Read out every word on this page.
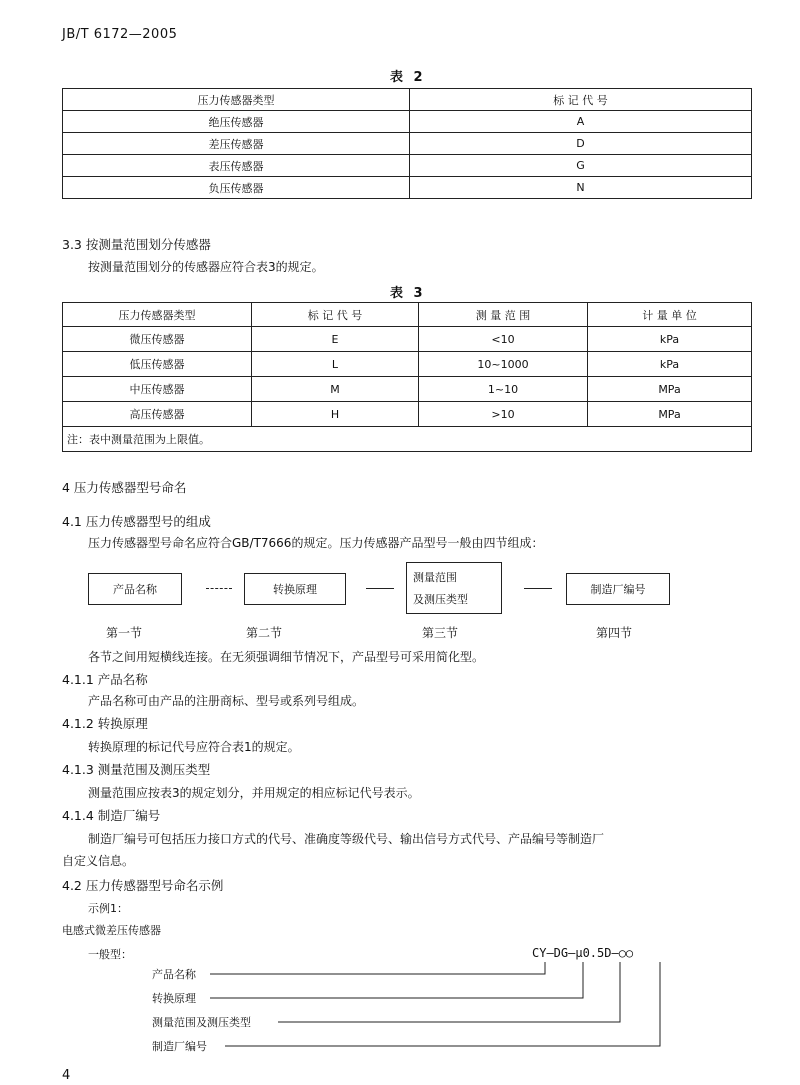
JB/T 6172—2005
表 2
压力传感器类型	标 记 代 号
绝压传感器	A
差压传感器	D
表压传感器	G
负压传感器	N
3.3 按测量范围划分传感器
按测量范围划分的传感器应符合表3的规定。
表 3
压力传感器类型	标 记 代 号	测 量 范 围	计 量 单 位
微压传感器	E	<10	kPa
低压传感器	L	10~1000	kPa
中压传感器	M	1~10	MPa
高压传感器	H	>10	MPa
注：表中测量范围为上限值。			
4 压力传感器型号命名
4.1 压力传感器型号的组成
压力传感器型号命名应符合GB/T7666的规定。压力传感器产品型号一般由四节组成：
产品名称	转换原理
测量范围
及测压类型
制造厂编号
第一节	第二节	第三节	第四节
各节之间用短横线连接。在无须强调细节情况下，产品型号可采用简化型。
4.1.1 产品名称
产品名称可由产品的注册商标、型号或系列号组成。
4.1.2 转换原理
转换原理的标记代号应符合表1的规定。
4.1.3 测量范围及测压类型
测量范围应按表3的规定划分，并用规定的相应标记代号表示。
4.1.4 制造厂编号
制造厂编号可包括压力接口方式的代号、准确度等级代号、输出信号方式代号、产品编号等制造厂
自定义信息。
4.2 压力传感器型号命名示例
示例1：
电感式微差压传感器
一般型：	CY—DG—μ0.5D—○○
产品名称
转换原理
测量范围及测压类型
制造厂编号
4
